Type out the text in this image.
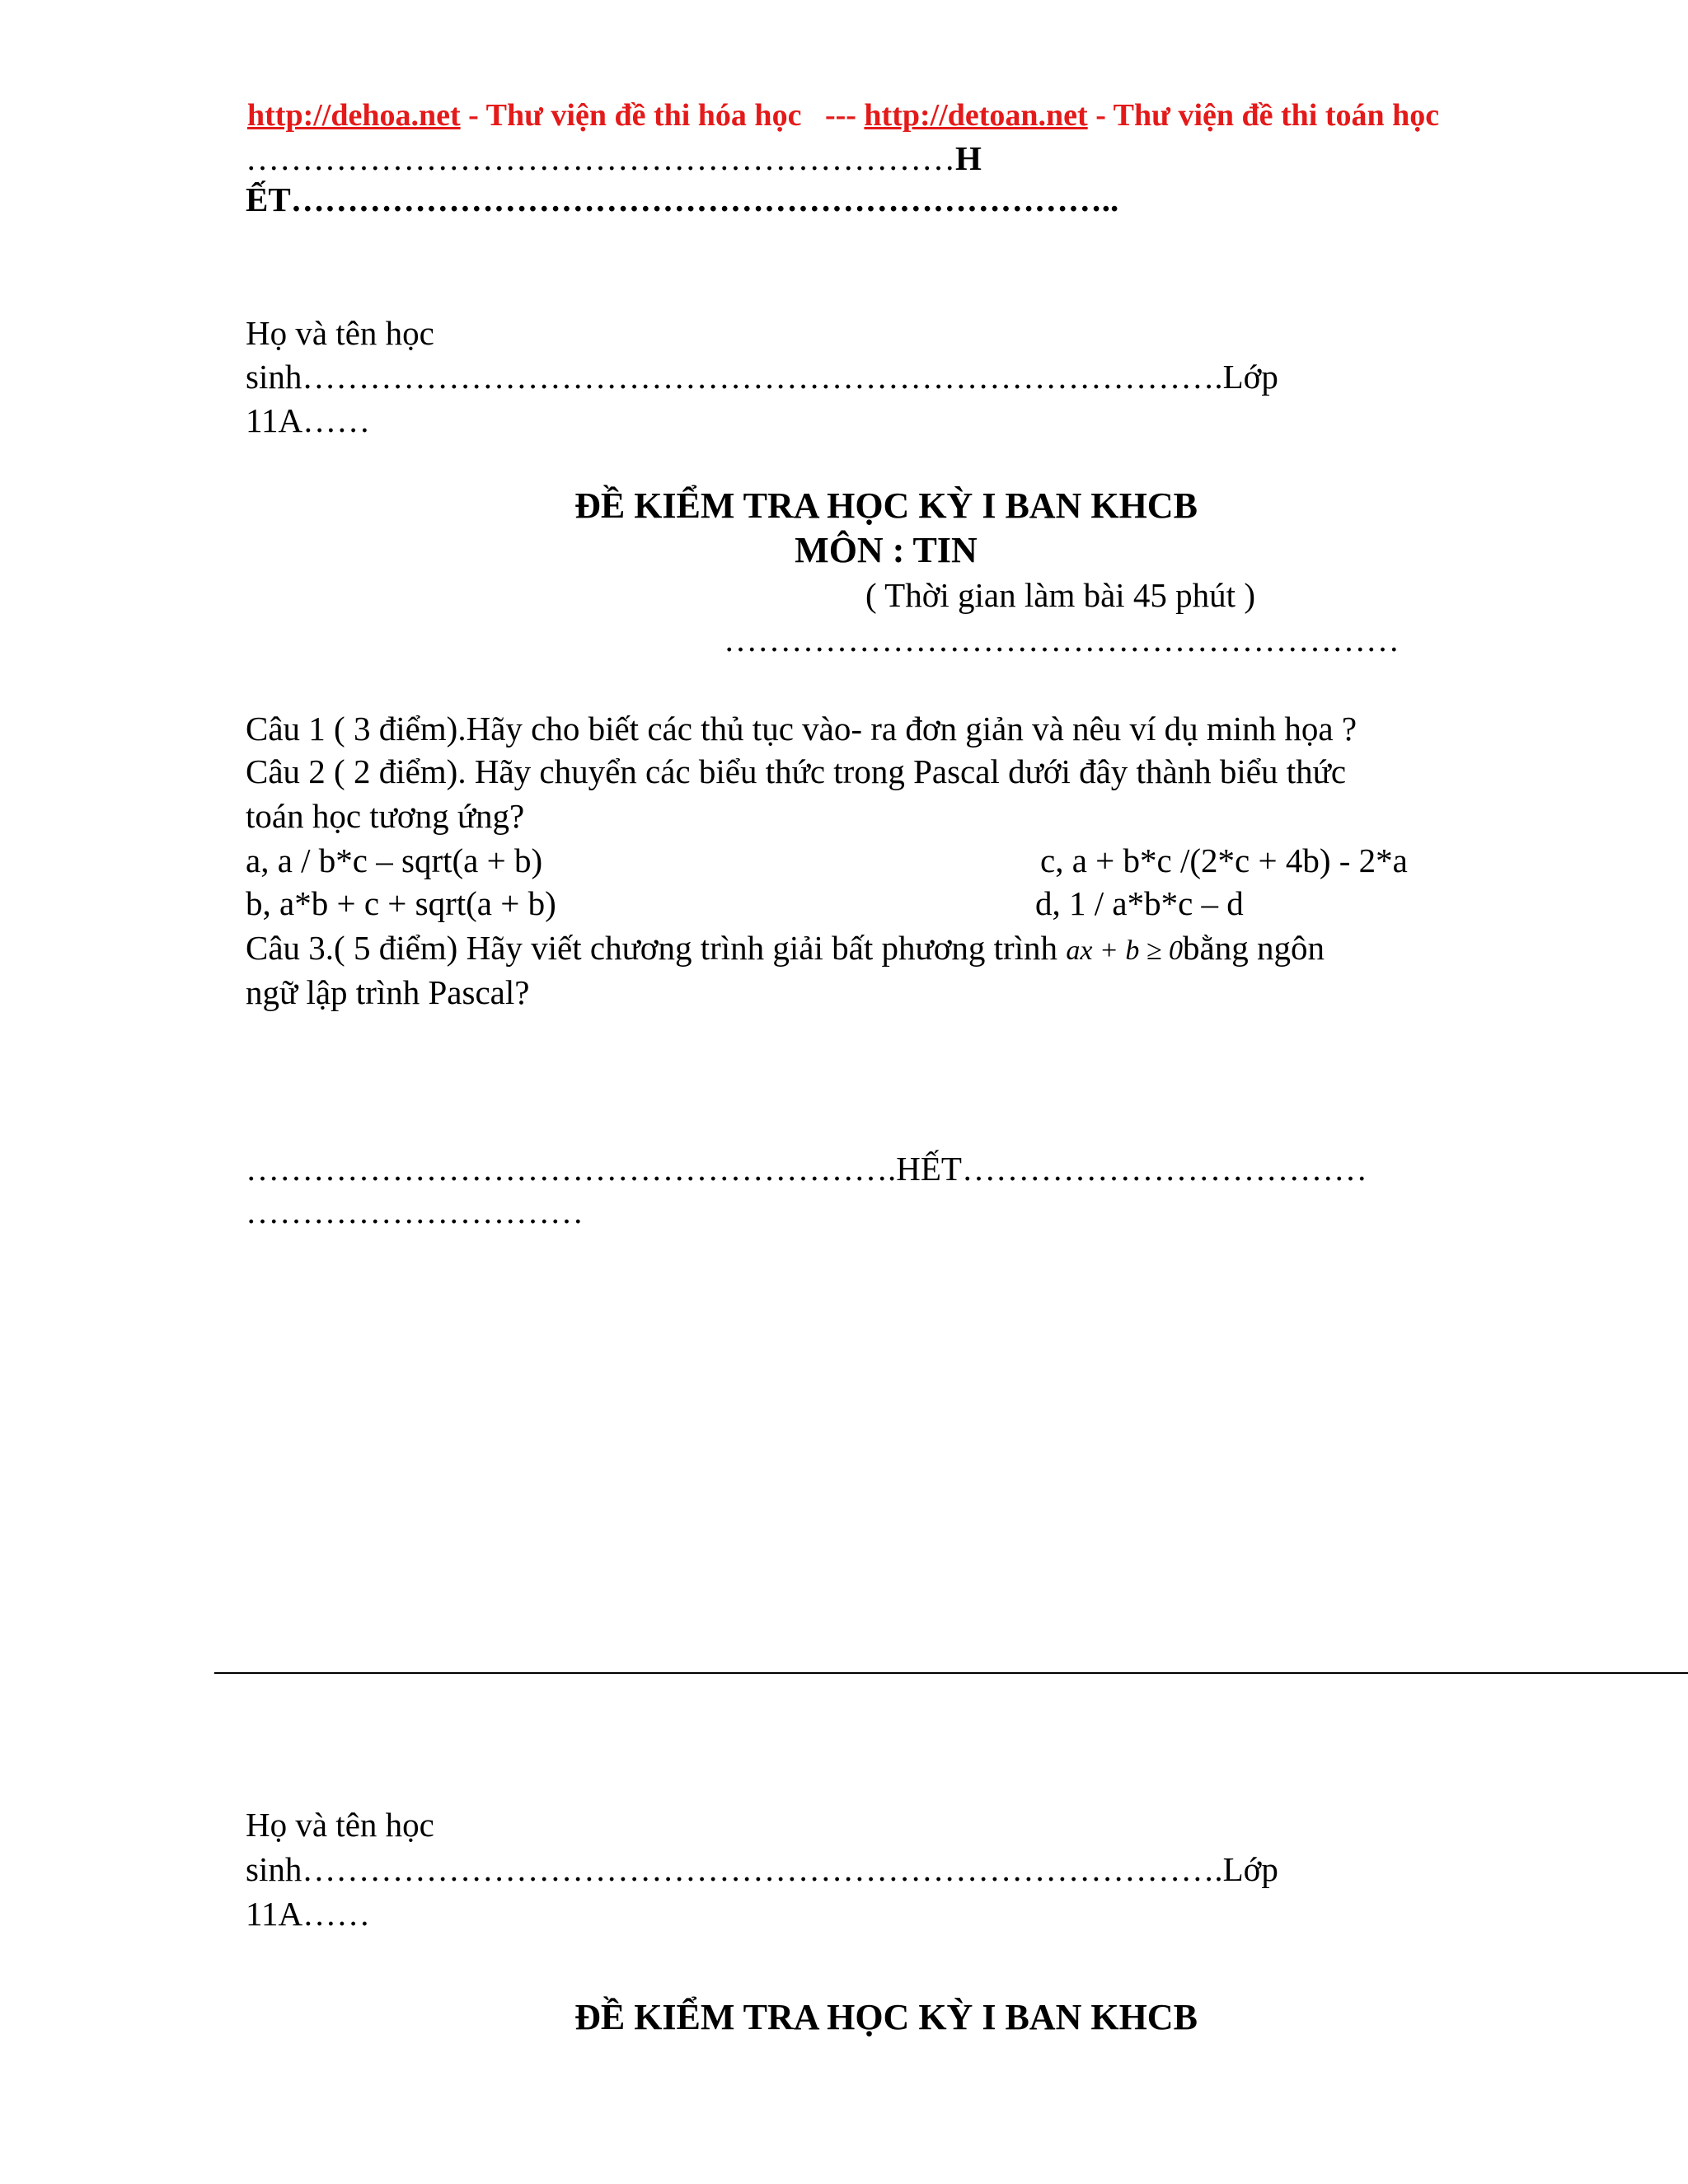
http://dehoa.net - Thư viện đề thi hóa học   --- http://detoan.net - Thư viện đề thi toán học
………………………………………………………H
ẾT………………………………………………………………..
Họ và tên học
sinh……………………………………………………………………….Lớp
11A……
ĐỀ KIỂM TRA HỌC KỲ I BAN KHCB
MÔN : TIN
( Thời gian làm bài 45 phút )
……………………………………………………
Câu 1 ( 3 điểm).Hãy cho biết các thủ tục vào- ra đơn giản và nêu ví dụ minh họa ?
Câu 2 ( 2 điểm). Hãy chuyển các biểu thức trong Pascal dưới đây thành biểu thức
toán học tương ứng?
a, a / b*c – sqrt(a + b)	c, a + b*c /(2*c + 4b) - 2*a
b, a*b + c + sqrt(a + b)	d, 1 / a*b*c – d
Câu 3.( 5 điểm) Hãy viết chương trình giải bất phương trình ax + b ≥ 0bằng ngôn
ngữ lập trình Pascal?
………………………………………………….HẾT………………………………
…………………………
Họ và tên học
sinh……………………………………………………………………….Lớp
11A……
ĐỀ KIỂM TRA HỌC KỲ I BAN KHCB
